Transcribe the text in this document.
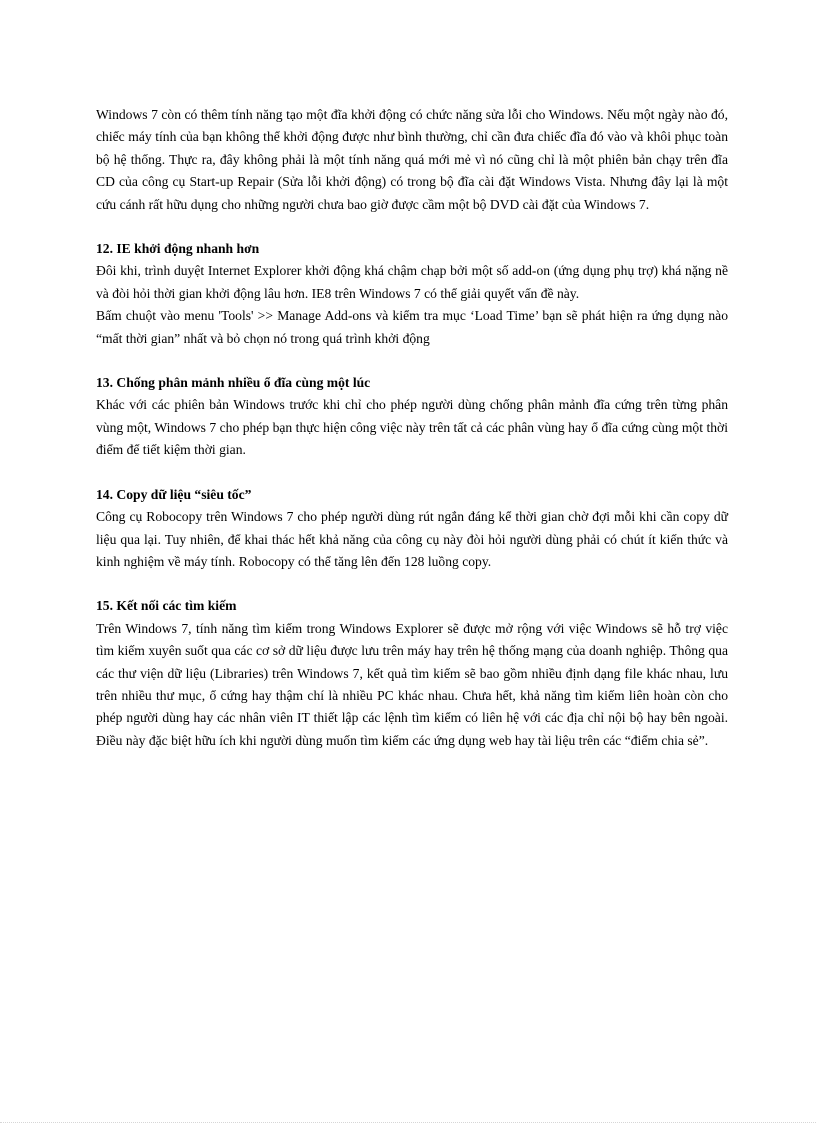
Windows 7 còn có thêm tính năng tạo một đĩa khởi động có chức năng sửa lỗi cho Windows. Nếu một ngày nào đó, chiếc máy tính của bạn không thể khởi động được như bình thường, chỉ cần đưa chiếc đĩa đó vào và khôi phục toàn bộ hệ thống. Thực ra, đây không phải là một tính năng quá mới mẻ vì nó cũng chỉ là một phiên bản chạy trên đĩa CD của công cụ Start-up Repair (Sửa lỗi khởi động) có trong bộ đĩa cài đặt Windows Vista. Nhưng đây lại là một cứu cánh rất hữu dụng cho những người chưa bao giờ được cầm một bộ DVD cài đặt của Windows 7.

12. IE khởi động nhanh hơn

Đôi khi, trình duyệt Internet Explorer khởi động khá chậm chạp bởi một số add-on (ứng dụng phụ trợ) khá nặng nề và đòi hỏi thời gian khởi động lâu hơn. IE8 trên Windows 7 có thể giải quyết vấn đề này.

Bấm chuột vào menu 'Tools' >> Manage Add-ons và kiểm tra mục ‘Load Time’ bạn sẽ phát hiện ra ứng dụng nào “mất thời gian” nhất và bỏ chọn nó trong quá trình khởi động

13. Chống phân mảnh nhiều ổ đĩa cùng một lúc

Khác với các phiên bản Windows trước khi chỉ cho phép người dùng chống phân mảnh đĩa cứng trên từng phân vùng một, Windows 7 cho phép bạn thực hiện công việc này trên tất cả các phân vùng hay ổ đĩa cứng cùng một thời điểm để tiết kiệm thời gian.

14. Copy dữ liệu “siêu tốc”

Công cụ Robocopy trên Windows 7 cho phép người dùng rút ngắn đáng kể thời gian chờ đợi mỗi khi cần copy dữ liệu qua lại. Tuy nhiên, để khai thác hết khả năng của công cụ này đòi hỏi người dùng phải có chút ít kiến thức và kinh nghiệm về máy tính. Robocopy có thể tăng lên đến 128 luồng copy.

15. Kết nối các tìm kiếm

Trên Windows 7, tính năng tìm kiếm trong Windows Explorer sẽ được mở rộng với việc Windows sẽ hỗ trợ việc tìm kiếm xuyên suốt qua các cơ sở dữ liệu được lưu trên máy hay trên hệ thống mạng của doanh nghiệp. Thông qua các thư viện dữ liệu (Libraries) trên Windows 7, kết quả tìm kiếm sẽ bao gồm nhiều định dạng file khác nhau, lưu trên nhiều thư mục, ổ cứng hay thậm chí là nhiều PC khác nhau. Chưa hết, khả năng tìm kiếm liên hoàn còn cho phép người dùng hay các nhân viên IT thiết lập các lệnh tìm kiếm có liên hệ với các địa chỉ nội bộ hay bên ngoài. Điều này đặc biệt hữu ích khi người dùng muốn tìm kiếm các ứng dụng web hay tài liệu trên các “điểm chia sẻ”.
